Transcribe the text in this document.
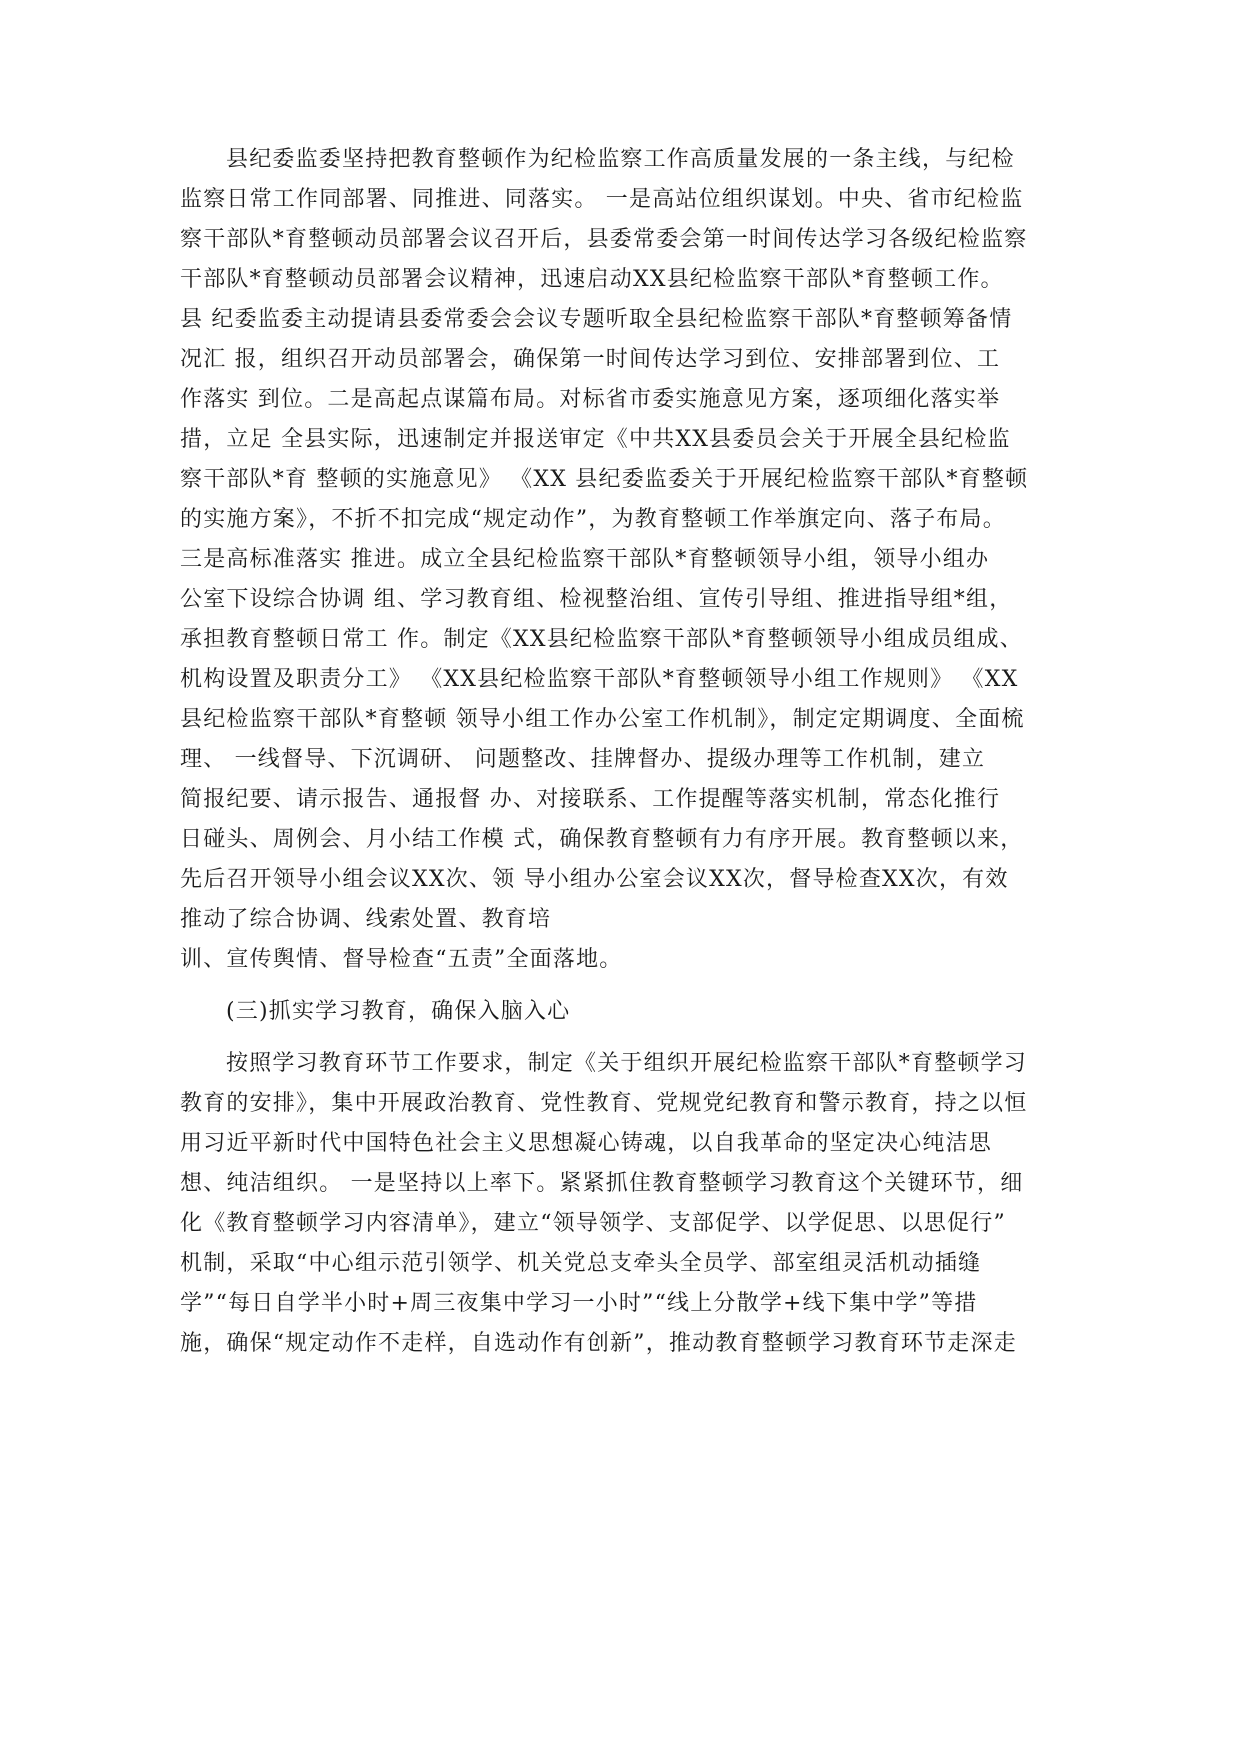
县纪委监委坚持把教育整顿作为纪检监察工作高质量发展的一条主线，与纪检
监察日常工作同部署、同推进、同落实。 一是高站位组织谋划。中央、省市纪检监
察干部队*育整顿动员部署会议召开后，县委常委会第一时间传达学习各级纪检监察
干部队*育整顿动员部署会议精神，迅速启动XX县纪检监察干部队*育整顿工作。
县 纪委监委主动提请县委常委会会议专题听取全县纪检监察干部队*育整顿筹备情
况汇 报，组织召开动员部署会，确保第一时间传达学习到位、安排部署到位、工
作落实 到位。二是高起点谋篇布局。对标省市委实施意见方案，逐项细化落实举
措，立足 全县实际，迅速制定并报送审定《中共XX县委员会关于开展全县纪检监
察干部队*育 整顿的实施意见》 《XX 县纪委监委关于开展纪检监察干部队*育整顿
的实施方案》，不折不扣完成“规定动作”，为教育整顿工作举旗定向、落子布局。
三是高标准落实 推进。成立全县纪检监察干部队*育整顿领导小组，领导小组办
公室下设综合协调 组、学习教育组、检视整治组、宣传引导组、推进指导组*组，
承担教育整顿日常工 作。制定《XX县纪检监察干部队*育整顿领导小组成员组成、
机构设置及职责分工》 《XX县纪检监察干部队*育整顿领导小组工作规则》 《XX
县纪检监察干部队*育整顿 领导小组工作办公室工作机制》，制定定期调度、全面梳
理、 一线督导、下沉调研、 问题整改、挂牌督办、提级办理等工作机制，建立
简报纪要、请示报告、通报督 办、对接联系、工作提醒等落实机制，常态化推行
日碰头、周例会、月小结工作模 式，确保教育整顿有力有序开展。教育整顿以来，
先后召开领导小组会议XX次、领 导小组办公室会议XX次，督导检查XX次，有效
推动了综合协调、线索处置、教育培
训、宣传舆情、督导检查“五责”全面落地。
(三)抓实学习教育，确保入脑入心
按照学习教育环节工作要求，制定《关于组织开展纪检监察干部队*育整顿学习
教育的安排》，集中开展政治教育、党性教育、党规党纪教育和警示教育，持之以恒
用习近平新时代中国特色社会主义思想凝心铸魂，以自我革命的坚定决心纯洁思
想、纯洁组织。 一是坚持以上率下。紧紧抓住教育整顿学习教育这个关键环节，细
化《教育整顿学习内容清单》，建立“领导领学、支部促学、以学促思、以思促行”
机制，采取“中心组示范引领学、机关党总支牵头全员学、部室组灵活机动插缝
学”“每日自学半小时+周三夜集中学习一小时”“线上分散学+线下集中学”等措
施，确保“规定动作不走样，自选动作有创新”，推动教育整顿学习教育环节走深走
